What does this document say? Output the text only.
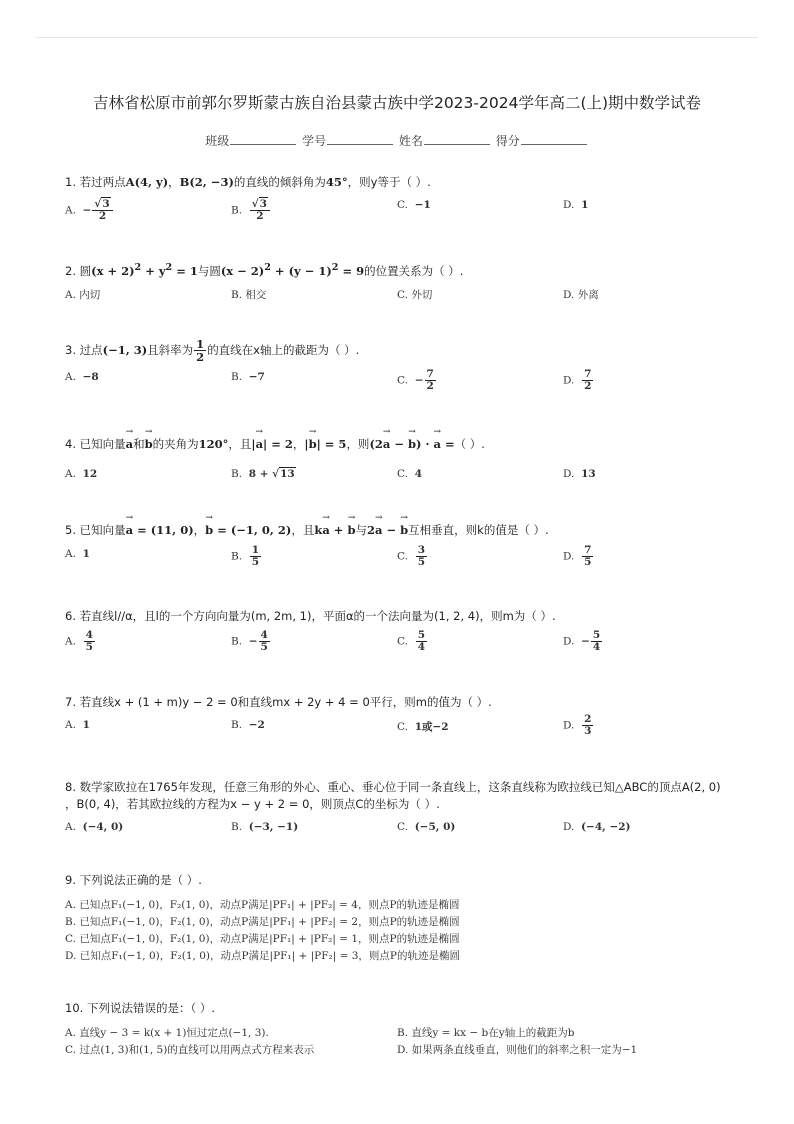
吉林省松原市前郭尔罗斯蒙古族自治县蒙古族中学2023-2024学年高二(上)期中数学试卷
班级	学号	姓名	得分
1. 若过两点A(4, y)，B(2, −3)的直线的倾斜角为45°，则y等于（ ）.
A. − $\frac{√3}{2}$	B. $\frac{√3}{2}$	C. −1	D. 1
2. 圆$(x + 2)^2 + y^2 = 1$与圆$(x - 2)^2 + (y - 1)^2 = 9$的位置关系为（ ）.
A. 内切	B. 相交	C. 外切	D. 外离
3. 过点(−1, 3)且斜率为 $\frac{1}{2}$ 的直线在x轴上的截距为（ ）.
A.  −8	B.  −7	C.  − $\frac{7}{2}$	D. $\frac{7}{2}$
4. 已知向量→ a和→ b的夹角为120°，且|→ a| = 2，|→ b| = 5，则(2→ a − → b) · → a =（ ）.
A.  12	B.  8 + √13	C.  4	D.  13
5. 已知向量→ a = (11, 0)，→ b = (−1, 0, 2)，且k→ a + → b与2→ a − → b互相垂直，则k的值是（ ）.
A.  1	B. $\frac{1}{5}$	C. $\frac{3}{5}$	D. $\frac{7}{5}$
6. 若直线l//α，且l的一个方向向量为(m, 2m, 1)，平面α的一个法向量为(1, 2, 4)，则m为（ ）.
A. $\frac{4}{5}$	B.  − $\frac{4}{5}$	C. $\frac{5}{4}$	D.  − $\frac{5}{4}$
7. 若直线x + (1 + m)y − 2 = 0和直线mx + 2y + 4 = 0平行，则m的值为（ ）.
A.  1	B.  −2	C.  1或−2	D. $\frac{2}{3}$
8. 数学家欧拉在1765年发现，任意三角形的外心、重心、垂心位于同一条直线上，这条直线称为欧拉线已知△ABC的顶点A(2, 0)
，B(0, 4)，若其欧拉线的方程为x − y + 2 = 0，则顶点C的坐标为（ ）.
A.  (−4, 0)	B.  (−3, −1)	C.  (−5, 0)	D.  (−4, −2)
9. 下列说法正确的是（ ）.
A. 已知点F₁(−1, 0)，F₂(1, 0)，动点P满足|PF₁| + |PF₂| = 4，则点P的轨迹是椭圆
B. 已知点F₁(−1, 0)，F₂(1, 0)，动点P满足|PF₁| + |PF₂| = 2，则点P的轨迹是椭圆
C. 已知点F₁(−1, 0)，F₂(1, 0)，动点P满足|PF₁| + |PF₂| = 1，则点P的轨迹是椭圆
D. 已知点F₁(−1, 0)，F₂(1, 0)，动点P满足|PF₁| + |PF₂| = 3，则点P的轨迹是椭圆
10. 下列说法错误的是：（ ）.
A. 直线y − 3 = k(x + 1)恒过定点(−1, 3).	B. 直线y = kx − b在y轴上的截距为b
C. 过点(1, 3)和(1, 5)的直线可以用两点式方程来表示	D. 如果两条直线垂直，则他们的斜率之积一定为−1
